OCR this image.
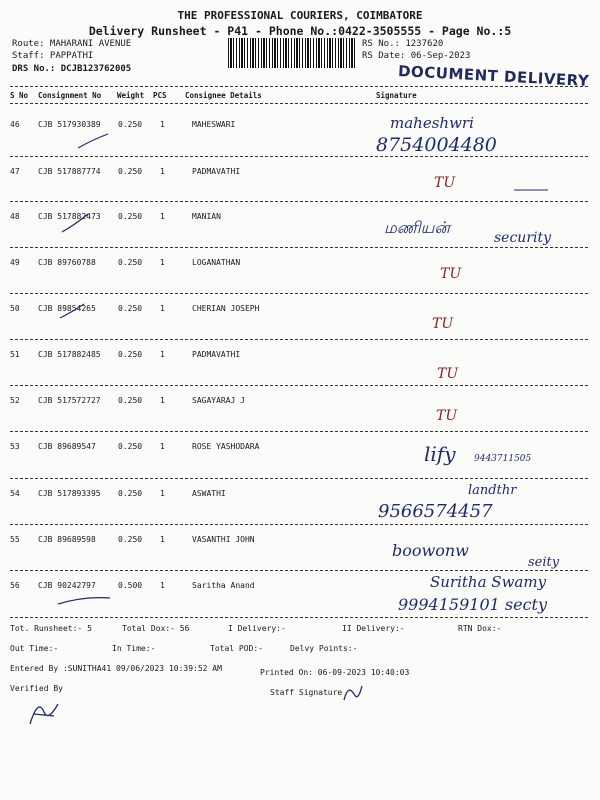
THE PROFESSIONAL COURIERS, COIMBATORE
Delivery Runsheet - P41 - Phone No.:0422-3505555 - Page No.:5
Route: MAHARANI AVENUE
Staff: PAPPATHI
DRS No.: DCJB123762005
RS No.: 1237620
RS Date: 06-Sep-2023
DOCUMENT DELIVERY
S No Consignment No Weight PCS Consignee Details	Signature
46 CJB 517930389 0.250 1	MAHESWARI	maheshwri
8754004480
47 CJB 517887774 0.250 1	PADMAVATHI
TU
48 CJB 517882473 0.250 1	MANIAN
மணியன்
security
49 CJB 89760788	0.250 1	LOGANATHAN
TU
50 CJB 89854265	0.250 1	CHERIAN JOSEPH
TU
51 CJB 517882485 0.250 1	PADMAVATHI
TU
52 CJB 517572727 0.250 1	SAGAYARAJ J
TU
53 CJB 89689547	0.250 1	ROSE YASHODARA	lify 9443711505
54 CJB 517893395 0.250 1	ASWATHI	landthr
9566574457
55 CJB 89689598	0.250 1	VASANTHI JOHN
boowonw
seity
56 CJB 90242797	0.500 1	Saritha Anand	Suritha Swamy
9994159101 secty
Tot. Runsheet:- 5	Total Dox:- 56	I Delivery:-	II Delivery:-	RTN Dox:-
Out Time:-	In Time:-	Total POD:-	Delvy Points:-
Entered By :SUNITHA41 09/06/2023 10:39:52 AM	Printed On: 06-09-2023 10:40:03
Verified By	Staff Signature
